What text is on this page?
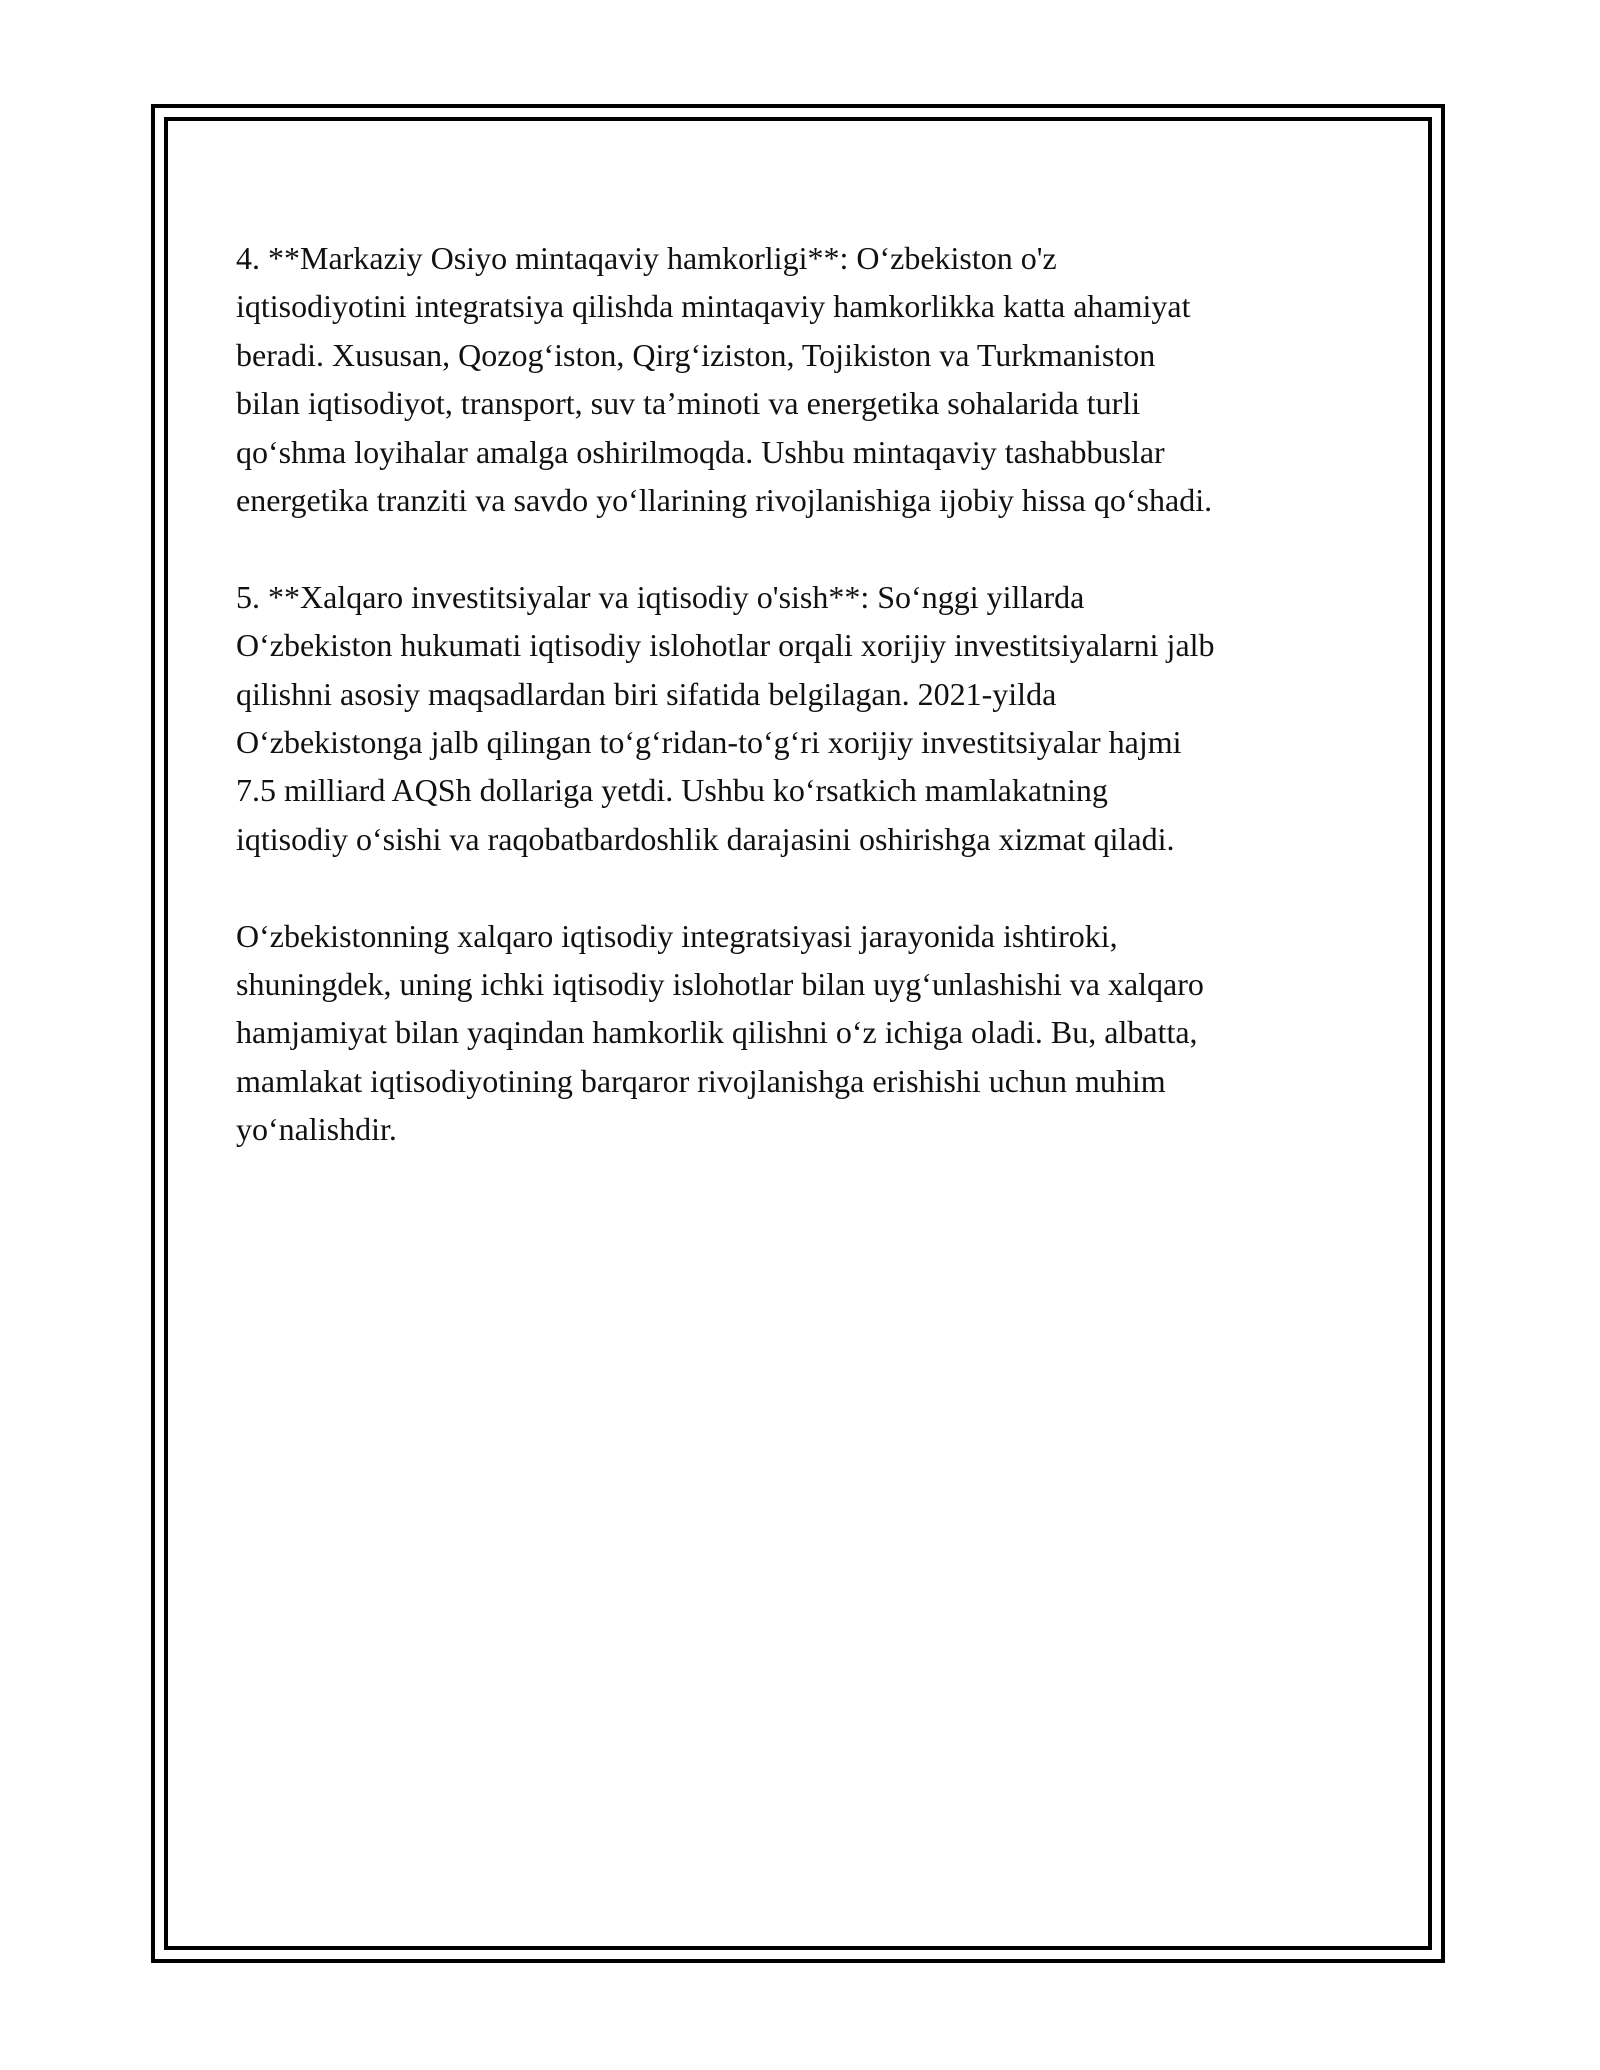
4. **Markaziy Osiyo mintaqaviy hamkorligi**: O‘zbekiston o'z
iqtisodiyotini integratsiya qilishda mintaqaviy hamkorlikka katta ahamiyat
beradi. Xususan, Qozog‘iston, Qirg‘iziston, Tojikiston va Turkmaniston
bilan iqtisodiyot, transport, suv ta’minoti va energetika sohalarida turli
qo‘shma loyihalar amalga oshirilmoqda. Ushbu mintaqaviy tashabbuslar
energetika tranziti va savdo yo‘llarining rivojlanishiga ijobiy hissa qo‘shadi.

5. **Xalqaro investitsiyalar va iqtisodiy o'sish**: So‘nggi yillarda
O‘zbekiston hukumati iqtisodiy islohotlar orqali xorijiy investitsiyalarni jalb
qilishni asosiy maqsadlardan biri sifatida belgilagan. 2021-yilda
O‘zbekistonga jalb qilingan to‘g‘ridan-to‘g‘ri xorijiy investitsiyalar hajmi
7.5 milliard AQSh dollariga yetdi. Ushbu ko‘rsatkich mamlakatning
iqtisodiy o‘sishi va raqobatbardoshlik darajasini oshirishga xizmat qiladi.

O‘zbekistonning xalqaro iqtisodiy integratsiyasi jarayonida ishtiroki,
shuningdek, uning ichki iqtisodiy islohotlar bilan uyg‘unlashishi va xalqaro
hamjamiyat bilan yaqindan hamkorlik qilishni o‘z ichiga oladi. Bu, albatta,
mamlakat iqtisodiyotining barqaror rivojlanishga erishishi uchun muhim
yo‘nalishdir.
